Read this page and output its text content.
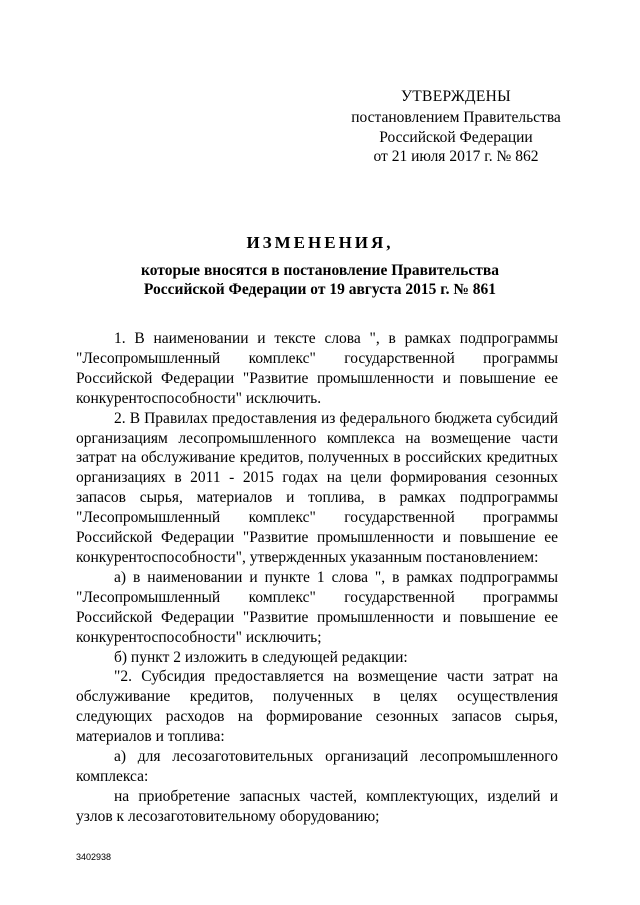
УТВЕРЖДЕНЫ
постановлением Правительства
Российской Федерации
от 21 июля 2017 г. № 862
ИЗМЕНЕНИЯ,
которые вносятся в постановление Правительства
Российской Федерации от 19 августа 2015 г. № 861

1. В наименовании и тексте слова ", в рамках подпрограммы "Лесопромышленный комплекс" государственной программы Российской Федерации "Развитие промышленности и повышение ее конкурентоспособности" исключить.

2. В Правилах предоставления из федерального бюджета субсидий организациям лесопромышленного комплекса на возмещение части затрат на обслуживание кредитов, полученных в российских кредитных организациях в 2011 - 2015 годах на цели формирования сезонных запасов сырья, материалов и топлива, в рамках подпрограммы "Лесопромышленный комплекс" государственной программы Российской Федерации "Развитие промышленности и повышение ее конкурентоспособности", утвержденных указанным постановлением:

а) в наименовании и пункте 1 слова ", в рамках подпрограммы "Лесопромышленный комплекс" государственной программы Российской Федерации "Развитие промышленности и повышение ее конкурентоспособности" исключить;

б) пункт 2 изложить в следующей редакции:

"2. Субсидия предоставляется на возмещение части затрат на обслуживание кредитов, полученных в целях осуществления следующих расходов на формирование сезонных запасов сырья, материалов и топлива:

а) для лесозаготовительных организаций лесопромышленного комплекса:

на приобретение запасных частей, комплектующих, изделий и узлов к лесозаготовительному оборудованию;

3402938
